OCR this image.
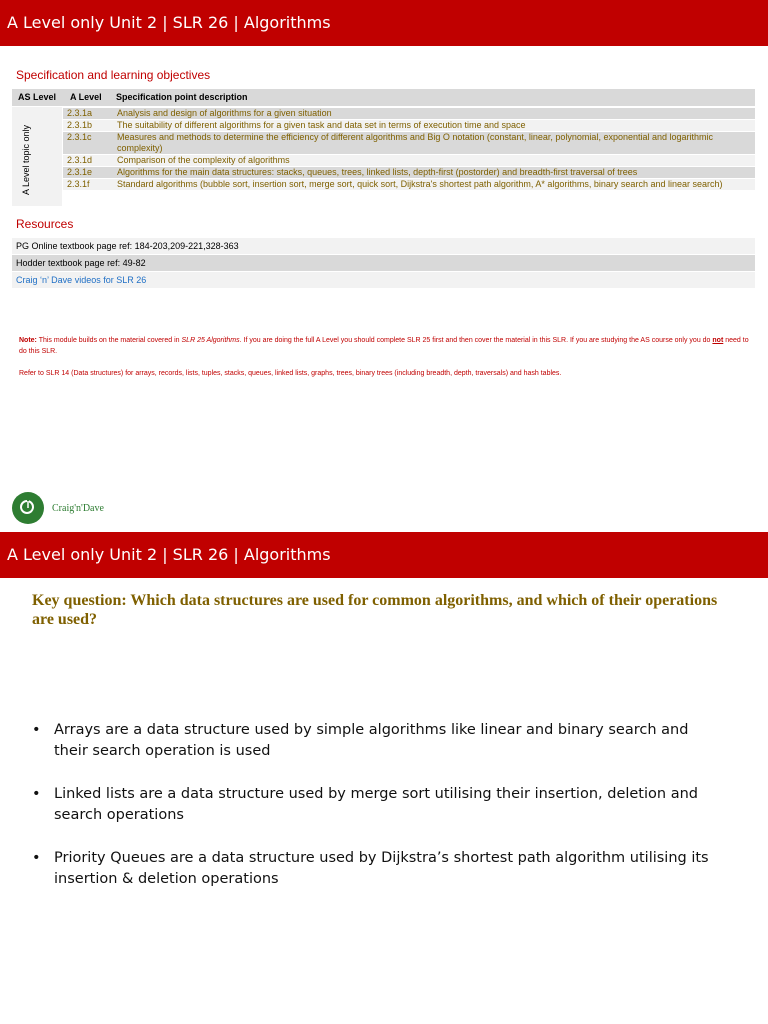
A Level only Unit 2 | SLR 26 | Algorithms
Specification and learning objectives
AS Level A Level Specification point description
A Level topic only
2.3.1a	Analysis and design of algorithms for a given situation
2.3.1b	The suitability of different algorithms for a given task and data set in terms of execution time and space
2.3.1c	Measures and methods to determine the efficiency of different algorithms and Big O notation (constant, linear, polynomial, exponential and logarithmic complexity)
2.3.1d	Comparison of the complexity of algorithms
2.3.1e	Algorithms for the main data structures: stacks, queues, trees, linked lists, depth-first (postorder) and breadth-first traversal of trees
2.3.1f	Standard algorithms (bubble sort, insertion sort, merge sort, quick sort, Dijkstra's shortest path algorithm, A* algorithms, binary search and linear search)
Resources
PG Online textbook page ref: 184-203,209-221,328-363
Hodder textbook page ref: 49-82
Craig ‘n’ Dave videos for SLR 26
Note: This module builds on the material covered in SLR 25 Algorithms. If you are doing the full A Level you should complete SLR 25 first and then cover the material in this SLR. If you are studying the AS course only you do not need to do this SLR.
Refer to SLR 14 (Data structures) for arrays, records, lists, tuples, stacks, queues, linked lists, graphs, trees, binary trees (including breadth, depth, traversals) and hash tables.
Craig'n'Dave
A Level only Unit 2 | SLR 26 | Algorithms
Key question: Which data structures are used for common algorithms, and which of their operations are used?
• Arrays are a data structure used by simple algorithms like linear and binary search and their search operation is used
• Linked lists are a data structure used by merge sort utilising their insertion, deletion and search operations
• Priority Queues are a data structure used by Dijkstra’s shortest path algorithm utilising its insertion & deletion operations
